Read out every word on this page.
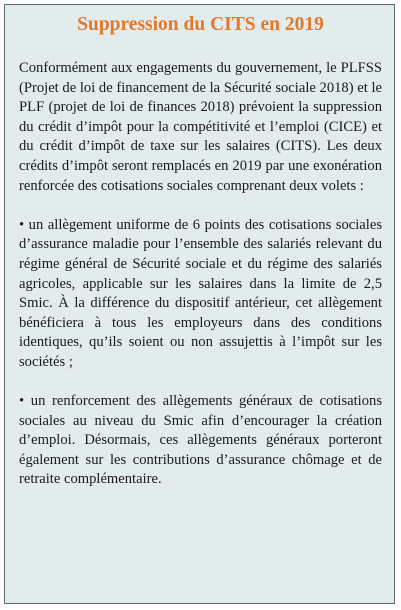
Suppression du CITS en 2019

Conformément aux engagements du gouvernement, le PLFSS (Projet de loi de financement de la Sécurité sociale 2018) et le PLF (projet de loi de finances 2018) prévoient la suppression du crédit d’impôt pour la compétitivité et l’emploi (CICE) et du crédit d’impôt de taxe sur les salaires (CITS). Les deux crédits d’impôt seront remplacés en 2019 par une exonération renforcée des cotisations sociales comprenant deux volets :

• un allègement uniforme de 6 points des cotisations sociales d’assurance maladie pour l’ensemble des salariés relevant du régime général de Sécurité sociale et du régime des salariés agricoles, applicable sur les salaires dans la limite de 2,5 Smic. À la différence du dispositif antérieur, cet allègement bénéficiera à tous les employeurs dans des conditions identiques, qu’ils soient ou non assujettis à l’impôt sur les sociétés ;

• un renforcement des allègements généraux de cotisations sociales au niveau du Smic afin d’encourager la création d’emploi. Désormais, ces allègements généraux porteront également sur les contributions d’assurance chômage et de retraite complémentaire.
